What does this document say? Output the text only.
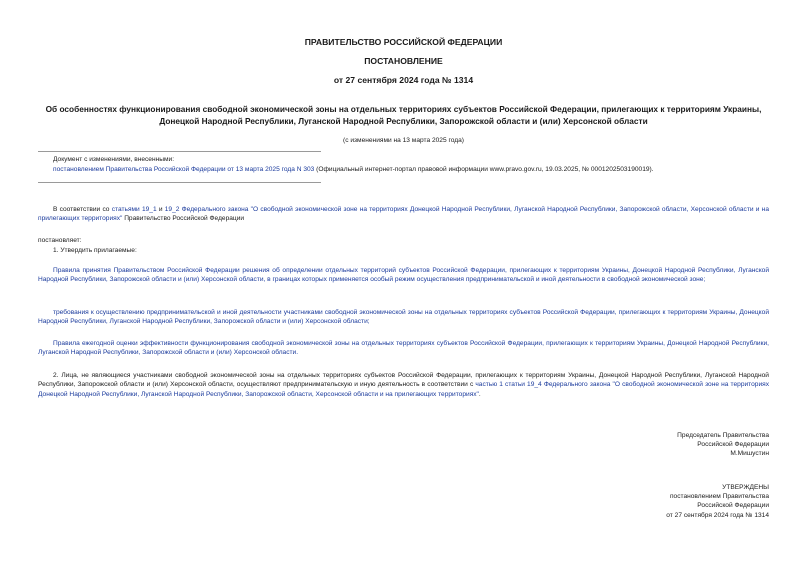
ПРАВИТЕЛЬСТВО РОССИЙСКОЙ ФЕДЕРАЦИИ
ПОСТАНОВЛЕНИЕ
от 27 сентября 2024 года № 1314
Об особенностях функционирования свободной экономической зоны на отдельных территориях субъектов Российской Федерации, прилегающих к территориям Украины, Донецкой Народной Республики, Луганской Народной Республики, Запорожской области и (или) Херсонской области
(с изменениями на 13 марта 2025 года)
Документ с изменениями, внесенными:
постановлением Правительства Российской Федерации от 13 марта 2025 года N 303 (Официальный интернет-портал правовой информации www.pravo.gov.ru, 19.03.2025, № 0001202503190019).
В соответствии со статьями 19_1 и 19_2 Федерального закона "О свободной экономической зоне на территориях Донецкой Народной Республики, Луганской Народной Республики, Запорожской области, Херсонской области и на прилегающих территориях" Правительство Российской Федерации
постановляет:
1. Утвердить прилагаемые:
Правила принятия Правительством Российской Федерации решения об определении отдельных территорий субъектов Российской Федерации, прилегающих к территориям Украины, Донецкой Народной Республики, Луганской Народной Республики, Запорожской области и (или) Херсонской области, в границах которых применяется особый режим осуществления предпринимательской и иной деятельности в свободной экономической зоне;
требования к осуществлению предпринимательской и иной деятельности участниками свободной экономической зоны на отдельных территориях субъектов Российской Федерации, прилегающих к территориям Украины, Донецкой Народной Республики, Луганской Народной Республики, Запорожской области и (или) Херсонской области;
Правила ежегодной оценки эффективности функционирования свободной экономической зоны на отдельных территориях субъектов Российской Федерации, прилегающих к территориям Украины, Донецкой Народной Республики, Луганской Народной Республики, Запорожской области и (или) Херсонской области.
2. Лица, не являющиеся участниками свободной экономической зоны на отдельных территориях субъектов Российской Федерации, прилегающих к территориям Украины, Донецкой Народной Республики, Луганской Народной Республики, Запорожской области и (или) Херсонской области, осуществляют предпринимательскую и иную деятельность в соответствии с частью 1 статьи 19_4 Федерального закона "О свободной экономической зоне на территориях Донецкой Народной Республики, Луганской Народной Республики, Запорожской области, Херсонской области и на прилегающих территориях".
Председатель Правительства
Российской Федерации
М.Мишустин
УТВЕРЖДЕНЫ
постановлением Правительства
Российской Федерации
от 27 сентября 2024 года № 1314
